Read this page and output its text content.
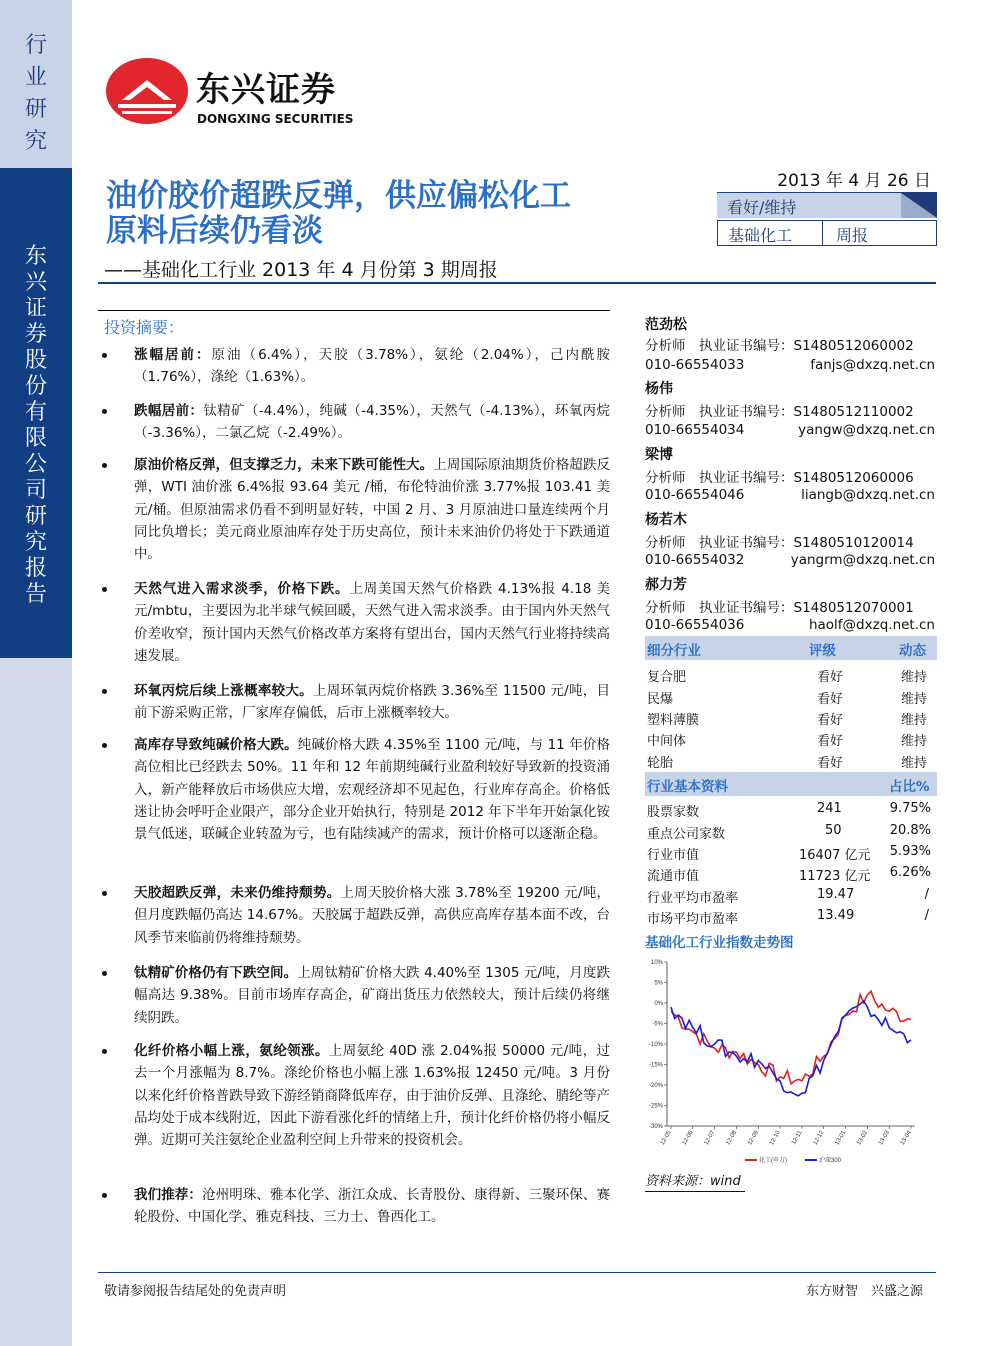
行业研究
东兴证券股份有限公司研究报告
东兴证券
DONGXING SECURITIES
油价胶价超跌反弹，供应偏松化工
原料后续仍看淡
——基础化工行业 2013 年 4 月份第 3 期周报
2013 年 4 月 26 日
看好/维持
基础化工	周报
投资摘要：
涨幅居前：原油（6.4%），天胶（3.78%），氨纶（2.04%），己内酰胺（1.76%），涤纶（1.63%）。
跌幅居前：钛精矿（-4.4%），纯碱（-4.35%），天然气（-4.13%），环氧丙烷（-3.36%），二氯乙烷（-2.49%）。
原油价格反弹，但支撑乏力，未来下跌可能性大。上周国际原油期货价格超跌反弹，WTI 油价涨 6.4%报 93.64 美元 /桶，布伦特油价涨 3.77%报 103.41 美元/桶。但原油需求仍看不到明显好转，中国 2 月、3 月原油进口量连续两个月同比负增长；美元商业原油库存处于历史高位，预计未来油价仍将处于下跌通道中。
天然气进入需求淡季，价格下跌。上周美国天然气价格跌 4.13%报 4.18 美元/mbtu，主要因为北半球气候回暖，天然气进入需求淡季。由于国内外天然气价差收窄，预计国内天然气价格改革方案将有望出台，国内天然气行业将持续高速发展。
环氧丙烷后续上涨概率较大。上周环氧丙烷价格跌 3.36%至 11500 元/吨，目前下游采购正常，厂家库存偏低，后市上涨概率较大。
高库存导致纯碱价格大跌。纯碱价格大跌 4.35%至 1100 元/吨，与 11 年价格高位相比已经跌去 50%。11 年和 12 年前期纯碱行业盈利较好导致新的投资涌入，新产能释放后市场供应大增，宏观经济却不见起色，行业库存高企。价格低迷让协会呼吁企业限产，部分企业开始执行，特别是 2012 年下半年开始氯化铵景气低迷，联碱企业转盈为亏，也有陆续减产的需求，预计价格可以逐渐企稳。
天胶超跌反弹，未来仍维持颓势。上周天胶价格大涨 3.78%至 19200 元/吨，但月度跌幅仍高达 14.67%。天胶属于超跌反弹，高供应高库存基本面不改，台风季节来临前仍将维持颓势。
钛精矿价格仍有下跌空间。上周钛精矿价格大跌 4.40%至 1305 元/吨，月度跌幅高达 9.38%。目前市场库存高企，矿商出货压力依然较大，预计后续仍将继续阴跌。
化纤价格小幅上涨，氨纶领涨。上周氨纶 40D 涨 2.04%报 50000 元/吨，过去一个月涨幅为 8.7%。涤纶价格也小幅上涨 1.63%报 12450 元/吨。3 月份以来化纤价格普跌导致下游经销商降低库存，由于油价反弹、且涤纶、腈纶等产品均处于成本线附近，因此下游看涨化纤的情绪上升，预计化纤价格仍将小幅反弹。近期可关注氨纶企业盈利空间上升带来的投资机会。
我们推荐：沧州明珠、雅本化学、浙江众成、长青股份、康得新、三聚环保、赛轮股份、中国化学、雅克科技、三力士、鲁西化工。
范劲松
分析师　执业证书编号：S1480512060002
010-66554033	fanjs@dxzq.net.cn
杨伟
分析师　执业证书编号：S1480512110002
010-66554034	yangw@dxzq.net.cn
梁博
分析师　执业证书编号：S1480512060006
010-66554046	liangb@dxzq.net.cn
杨若木
分析师　执业证书编号：S1480510120014
010-66554032	yangrm@dxzq.net.cn
郝力芳
分析师　执业证书编号：S1480512070001
010-66554036	haolf@dxzq.net.cn
细分行业	评级	动态
复合肥	看好	维持
民爆	看好	维持
塑料薄膜	看好	维持
中间体	看好	维持
轮胎	看好	维持
行业基本资料	占比%
股票家数	241	9.75%
重点公司家数	50	20.8%
行业市值	16407 亿元 5.93%
流通市值	11723 亿元 6.26%
行业平均市盈率	19.47	/
市场平均市盈率	13.49	/
基础化工行业指数走势图
10%
5%
0%
-5%
-10%
-15%
-20%
-25%
-30%
12-05 12-06 12-07 12-08 12-09 12-10 12-11 12-12 13-01 13-02 13-03 13-04
化工(申万)	沪深300
资料来源：wind
敬请参阅报告结尾处的免责声明	东方财智　兴盛之源
